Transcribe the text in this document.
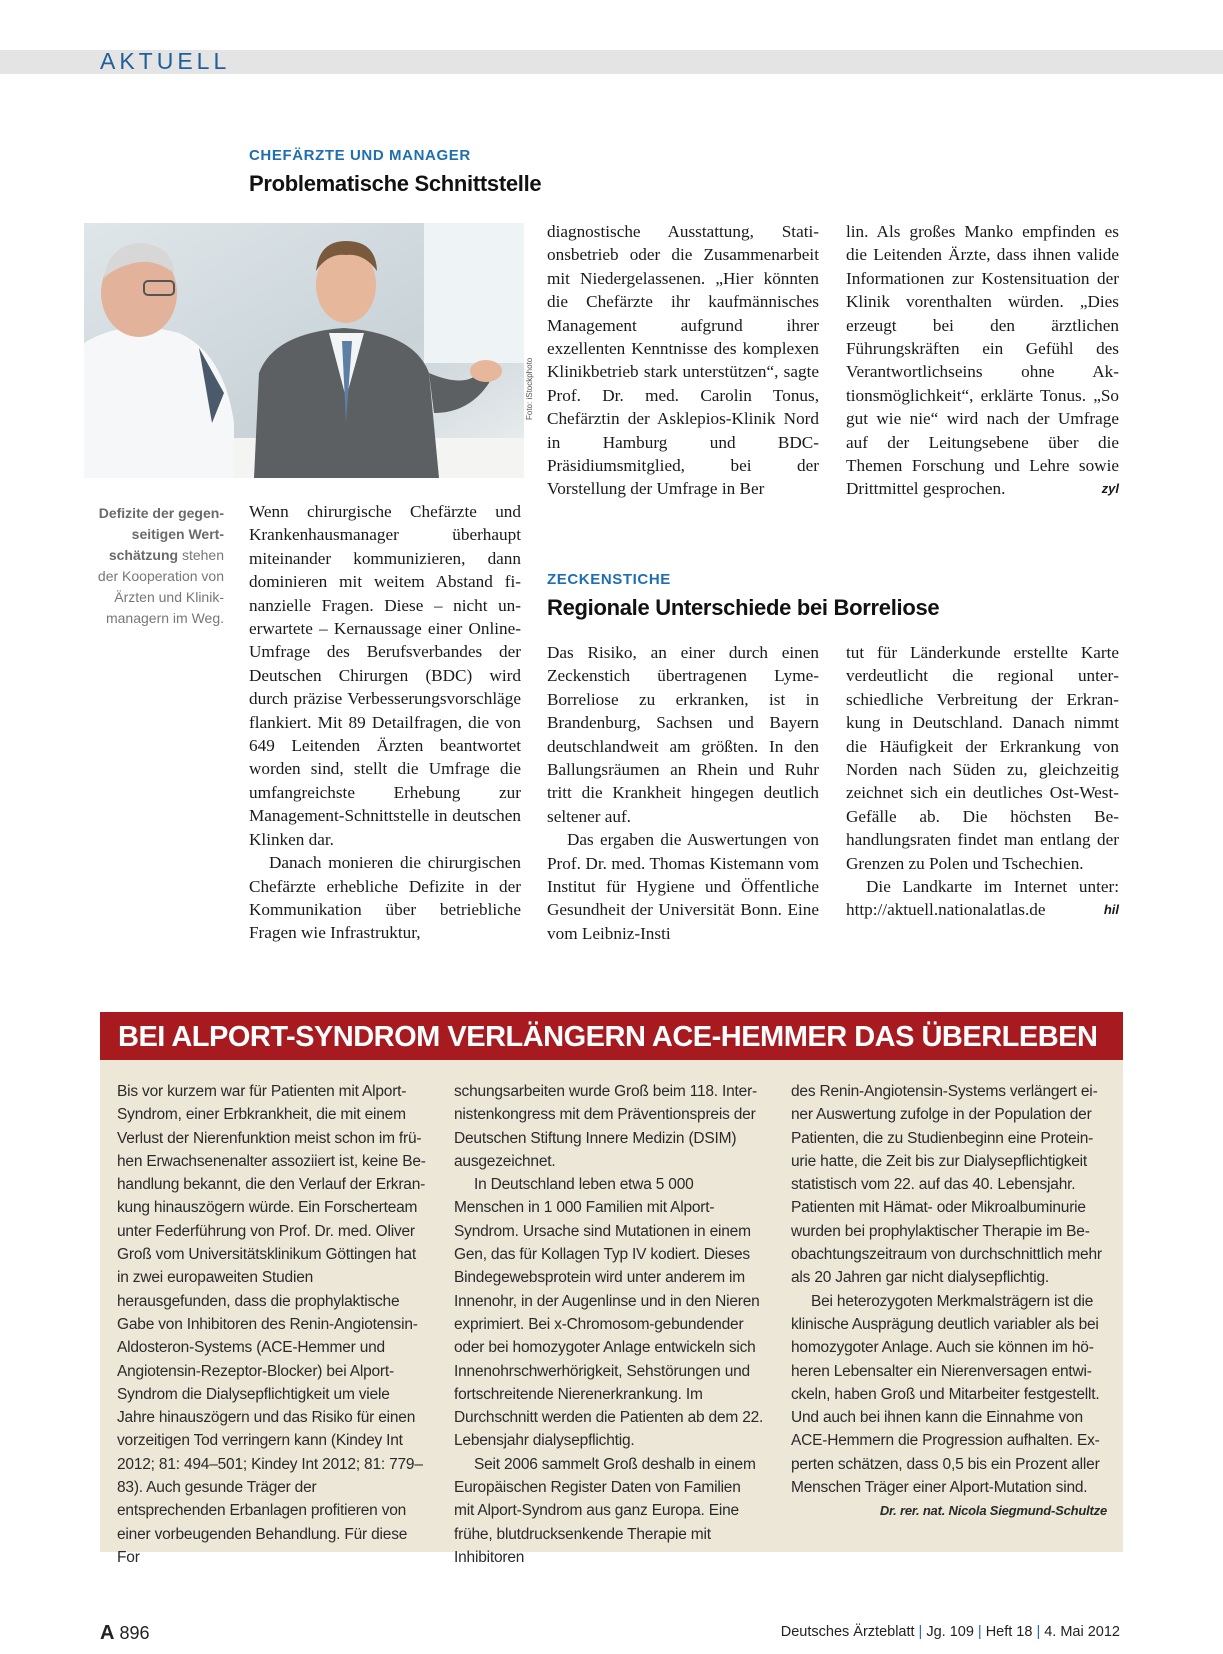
AKTUELL
CHEFÄRZTE UND MANAGER
Problematische Schnittstelle
Foto: iStockphoto
Defizite der gegenseitigen Wertschätzung stehen der Kooperation von Ärzten und Klinikmanagern im Weg.

Wenn chirurgische Chefärzte und Krankenhausmanager überhaupt miteinander kommunizieren, dann dominieren mit weitem Abstand finanzielle Fragen. Diese – nicht unerwartete – Kernaussage einer Online-Umfrage des Berufsverbandes der Deutschen Chirurgen (BDC) wird durch präzise Verbesserungsvorschläge flankiert. Mit 89 Detailfragen, die von 649 Leitenden Ärzten beantwortet worden sind, stellt die Umfrage die umfangreichste Erhebung zur Management-Schnittstelle in deutschen Klinken dar.

Danach monieren die chirurgischen Chefärzte erhebliche Defizite in der Kommunikation über betriebliche Fragen wie Infrastruktur,

diagnostische Ausstattung, Stationsbetrieb oder die Zusammenarbeit mit Niedergelassenen. „Hier könnten die Chefärzte ihr kaufmännisches Management aufgrund ihrer exzellenten Kenntnisse des komplexen Klinikbetrieb stark unterstützen“, sagte Prof. Dr. med. Carolin Tonus, Chefärztin der Asklepios-Klinik Nord in Hamburg und BDC-Präsidiumsmitglied, bei der Vorstellung der Umfrage in Ber

lin. Als großes Manko empfinden es die Leitenden Ärzte, dass ihnen valide Informationen zur Kostensituation der Klinik vorenthalten würden. „Dies erzeugt bei den ärztlichen Führungskräften ein Gefühl des Verantwortlichseins ohne Aktionsmöglichkeit“, erklärte Tonus. „So gut wie nie“ wird nach der Umfrage auf der Leitungsebene über die Themen Forschung und Lehre sowie Drittmittel gesprochen.	zyl

ZECKENSTICHE
Regionale Unterschiede bei Borreliose

Das Risiko, an einer durch einen Zeckenstich übertragenen Lyme-Borreliose zu erkranken, ist in Brandenburg, Sachsen und Bayern deutschlandweit am größten. In den Ballungsräumen an Rhein und Ruhr tritt die Krankheit hingegen deutlich seltener auf.

Das ergaben die Auswertungen von Prof. Dr. med. Thomas Kistemann vom Institut für Hygiene und Öffentliche Gesundheit der Universität Bonn. Eine vom Leibniz-Insti

tut für Länderkunde erstellte Karte verdeutlicht die regional unterschiedliche Verbreitung der Erkrankung in Deutschland. Danach nimmt die Häufigkeit der Erkrankung von Norden nach Süden zu, gleichzeitig zeichnet sich ein deutliches Ost-West-Gefälle ab. Die höchsten Behandlungsraten findet man entlang der Grenzen zu Polen und Tschechien.

Die Landkarte im Internet unter: http://aktuell.nationalatlas.de	hil

BEI ALPORT-SYNDROM VERLÄNGERN ACE-HEMMER DAS ÜBERLEBEN

Bis vor kurzem war für Patienten mit Alport-Syndrom, einer Erbkrankheit, die mit einem Verlust der Nierenfunktion meist schon im frühen Erwachsenenalter assoziiert ist, keine Behandlung bekannt, die den Verlauf der Erkrankung hinauszögern würde. Ein Forscherteam unter Federführung von Prof. Dr. med. Oliver Groß vom Universitätsklinikum Göttingen hat in zwei europaweiten Studien herausgefunden, dass die prophylaktische Gabe von Inhibitoren des Renin-Angiotensin-Aldosteron-Systems (ACE-Hemmer und Angiotensin-Rezeptor-Blocker) bei Alport-Syndrom die Dialysepflichtigkeit um viele Jahre hinauszögern und das Risiko für einen vorzeitigen Tod verringern kann (Kindey Int 2012; 81: 494–501; Kindey Int 2012; 81: 779–83). Auch gesunde Träger der entsprechenden Erbanlagen profitieren von einer vorbeugenden Behandlung. Für diese For

schungsarbeiten wurde Groß beim 118. Internistenkongress mit dem Präventionspreis der Deutschen Stiftung Innere Medizin (DSIM) ausgezeichnet.

In Deutschland leben etwa 5 000 Menschen in 1 000 Familien mit Alport-Syndrom. Ursache sind Mutationen in einem Gen, das für Kollagen Typ IV kodiert. Dieses Bindegewebsprotein wird unter anderem im Innenohr, in der Augenlinse und in den Nieren exprimiert. Bei x-Chromosom-gebundender oder bei homozygoter Anlage entwickeln sich Innenohrschwerhörigkeit, Sehstörungen und fortschreitende Nierenerkrankung. Im Durchschnitt werden die Patienten ab dem 22. Lebensjahr dialysepflichtig.

Seit 2006 sammelt Groß deshalb in einem Europäischen Register Daten von Familien mit Alport-Syndrom aus ganz Europa. Eine frühe, blutdrucksenkende Therapie mit Inhibitoren

des Renin-Angiotensin-Systems verlängert einer Auswertung zufolge in der Population der Patienten, die zu Studienbeginn eine Proteinurie hatte, die Zeit bis zur Dialysepflichtigkeit statistisch vom 22. auf das 40. Lebensjahr. Patienten mit Hämat- oder Mikroalbuminurie wurden bei prophylaktischer Therapie im Beobachtungszeitraum von durchschnittlich mehr als 20 Jahren gar nicht dialysepflichtig.

Bei heterozygoten Merkmalsträgern ist die klinische Ausprägung deutlich variabler als bei homozygoter Anlage. Auch sie können im höheren Lebensalter ein Nierenversagen entwickeln, haben Groß und Mitarbeiter festgestellt. Und auch bei ihnen kann die Einnahme von ACE-Hemmern die Progression aufhalten. Experten schätzen, dass 0,5 bis ein Prozent aller Menschen Träger einer Alport-Mutation sind.

Dr. rer. nat. Nicola Siegmund-Schultze

A 896	Deutsches Ärzteblatt | Jg. 109 | Heft 18 | 4. Mai 2012
